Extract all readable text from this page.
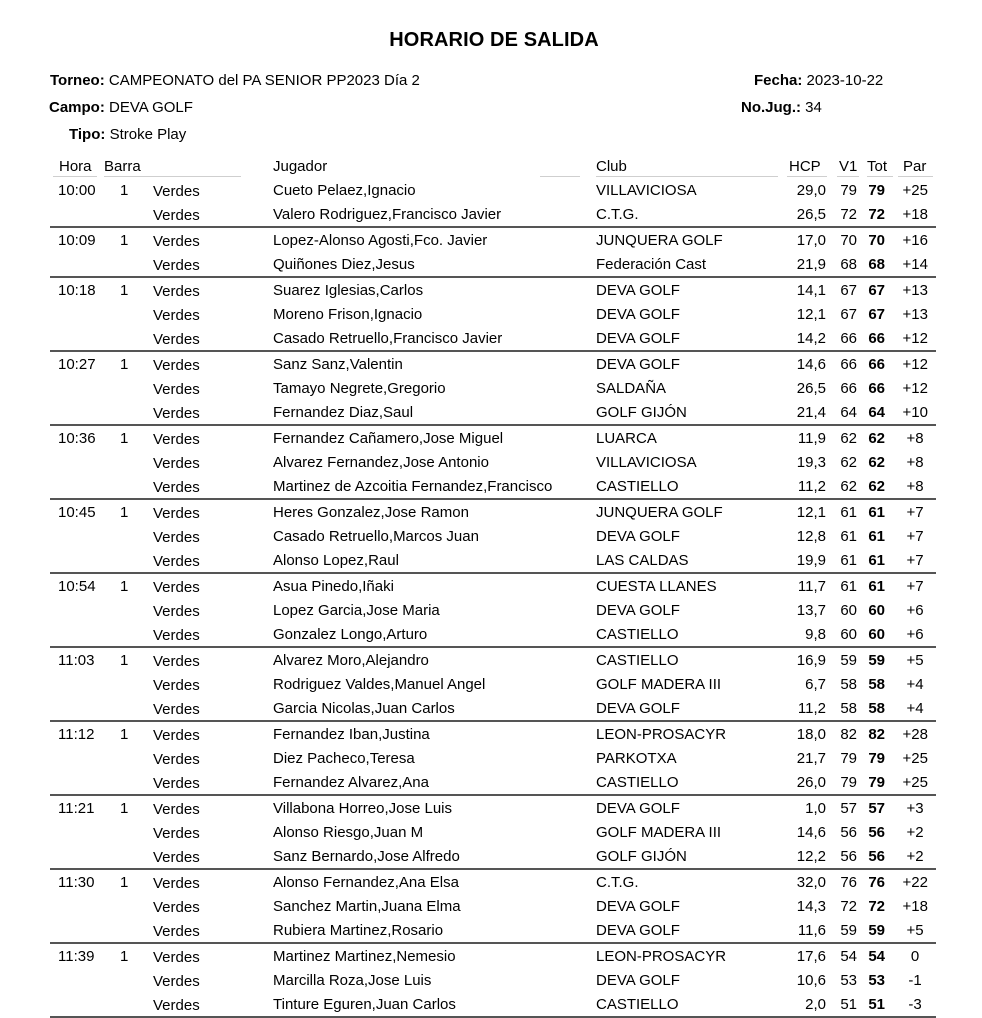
HORARIO DE SALIDA
Torneo: CAMPEONATO del PA SENIOR PP2023 Día 2
Campo: DEVA GOLF
Tipo: Stroke Play
Fecha: 2023-10-22
No.Jug.: 34
Hora Barra	Jugador	Club	HCP V1 Tot Par
10:00 1 Verdes	Cueto Pelaez,Ignacio	VILLAVICIOSA	29,0 79 79	+25
Verdes	Valero Rodriguez,Francisco Javier	C.T.G.	26,5 72 72	+18
10:09 1 Verdes	Lopez-Alonso Agosti,Fco. Javier	JUNQUERA GOLF	17,0 70 70	+16
Verdes	Quiñones Diez,Jesus	Federación Cast	21,9 68 68	+14
10:18 1 Verdes	Suarez Iglesias,Carlos	DEVA GOLF	14,1 67 67	+13
Verdes	Moreno Frison,Ignacio	DEVA GOLF	12,1 67 67	+13
Verdes	Casado Retruello,Francisco Javier	DEVA GOLF	14,2 66 66	+12
10:27 1 Verdes	Sanz Sanz,Valentin	DEVA GOLF	14,6 66 66	+12
Verdes	Tamayo Negrete,Gregorio	SALDAÑA	26,5 66 66	+12
Verdes	Fernandez Diaz,Saul	GOLF GIJÓN	21,4 64 64	+10
10:36 1 Verdes	Fernandez Cañamero,Jose Miguel	LUARCA	11,9 62 62	+8
Verdes	Alvarez Fernandez,Jose Antonio	VILLAVICIOSA	19,3 62 62	+8
Verdes	Martinez de Azcoitia Fernandez,Francisco	CASTIELLO	11,2 62 62	+8
10:45 1 Verdes	Heres Gonzalez,Jose Ramon	JUNQUERA GOLF	12,1 61 61	+7
Verdes	Casado Retruello,Marcos Juan	DEVA GOLF	12,8 61 61	+7
Verdes	Alonso Lopez,Raul	LAS CALDAS	19,9 61 61	+7
10:54 1 Verdes	Asua Pinedo,Iñaki	CUESTA LLANES	11,7 61 61	+7
Verdes	Lopez Garcia,Jose Maria	DEVA GOLF	13,7 60 60	+6
Verdes	Gonzalez Longo,Arturo	CASTIELLO	9,8 60 60	+6
11:03 1 Verdes	Alvarez Moro,Alejandro	CASTIELLO	16,9 59 59	+5
Verdes	Rodriguez Valdes,Manuel Angel	GOLF MADERA III	6,7 58 58	+4
Verdes	Garcia Nicolas,Juan Carlos	DEVA GOLF	11,2 58 58	+4
11:12 1 Verdes	Fernandez Iban,Justina	LEON-PROSACYR	18,0 82 82	+28
Verdes	Diez Pacheco,Teresa	PARKOTXA	21,7 79 79	+25
Verdes	Fernandez Alvarez,Ana	CASTIELLO	26,0 79 79	+25
11:21 1 Verdes	Villabona Horreo,Jose Luis	DEVA GOLF	1,0 57 57	+3
Verdes	Alonso Riesgo,Juan M	GOLF MADERA III	14,6 56 56	+2
Verdes	Sanz Bernardo,Jose Alfredo	GOLF GIJÓN	12,2 56 56	+2
11:30 1 Verdes	Alonso Fernandez,Ana Elsa	C.T.G.	32,0 76 76	+22
Verdes	Sanchez Martin,Juana Elma	DEVA GOLF	14,3 72 72	+18
Verdes	Rubiera Martinez,Rosario	DEVA GOLF	11,6 59 59	+5
11:39 1 Verdes	Martinez Martinez,Nemesio	LEON-PROSACYR	17,6 54 54	0
Verdes	Marcilla Roza,Jose Luis	DEVA GOLF	10,6 53 53	-1
Verdes	Tinture Eguren,Juan Carlos	CASTIELLO	2,0 51 51	-3
